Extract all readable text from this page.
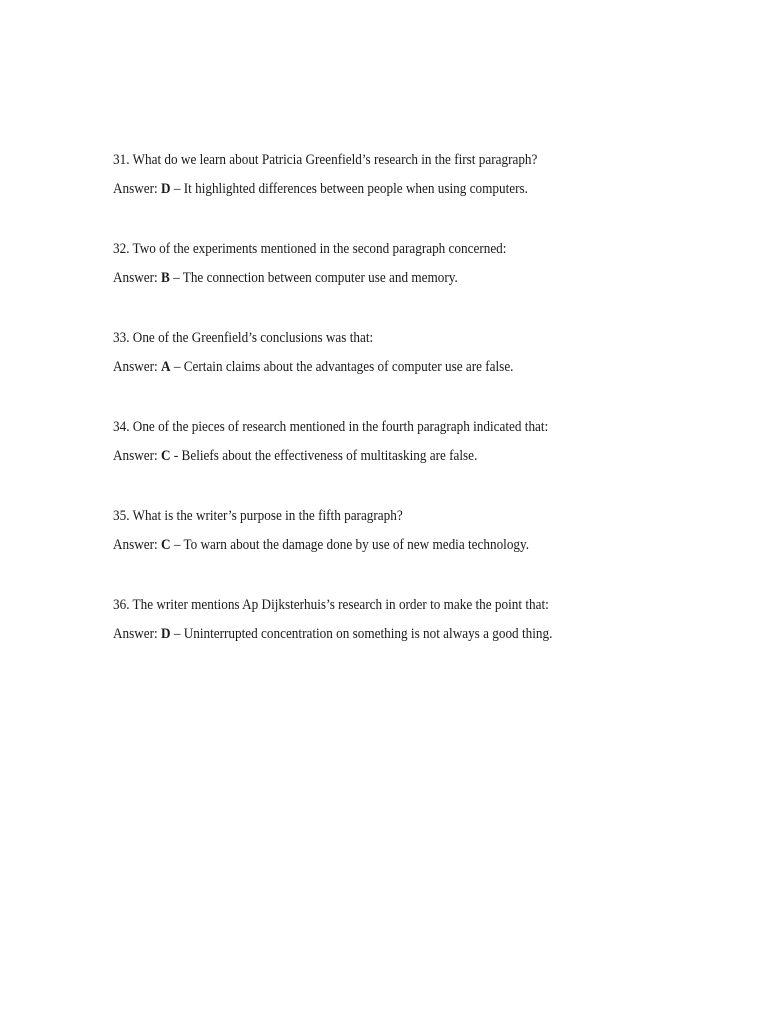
31. What do we learn about Patricia Greenfield’s research in the first paragraph?
Answer: D – It highlighted differences between people when using computers.
32. Two of the experiments mentioned in the second paragraph concerned:
Answer: B – The connection between computer use and memory.
33. One of the Greenfield’s conclusions was that:
Answer: A – Certain claims about the advantages of computer use are false.
34. One of the pieces of research mentioned in the fourth paragraph indicated that:
Answer: C - Beliefs about the effectiveness of multitasking are false.
35. What is the writer’s purpose in the fifth paragraph?
Answer: C – To warn about the damage done by use of new media technology.
36. The writer mentions Ap Dijksterhuis’s research in order to make the point that:
Answer: D – Uninterrupted concentration on something is not always a good thing.
